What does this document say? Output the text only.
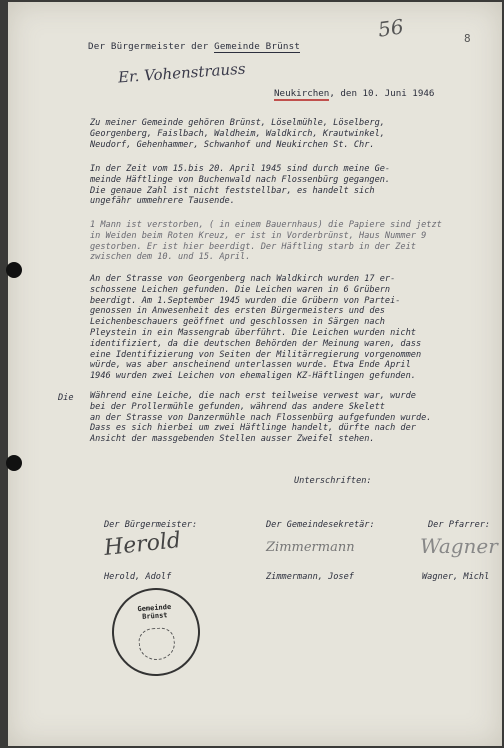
56	8
Der Bürgermeister der Gemeinde Brünst
Er. Vohenstrauss
Neukirchen, den 10. Juni 1946
Zu meiner Gemeinde gehören Brünst, Löselmühle, Löselberg,
Georgenberg, Faislbach, Waldheim, Waldkirch, Krautwinkel,
Neudorf, Gehenhammer, Schwanhof und Neukirchen St. Chr.
In der Zeit vom 15.bis 20. April 1945 sind durch meine Ge-
meinde Häftlinge von Buchenwald nach Flossenbürg gegangen.
Die genaue Zahl ist nicht feststellbar, es handelt sich
ungefähr ummehrere Tausende.
1 Mann ist verstorben, ( in einem Bauernhaus) die Papiere sind jetzt
in Weiden beim Roten Kreuz, er ist in Vorderbrünst, Haus Nummer 9
gestorben. Er ist hier beerdigt. Der Häftling starb in der Zeit
zwischen dem 10. und 15. April.
An der Strasse von Georgenberg nach Waldkirch wurden 17 er-
schossene Leichen gefunden. Die Leichen waren in 6 Grübern
beerdigt. Am 1.September 1945 wurden die Grübern von Partei-
genossen in Anwesenheit des ersten Bürgermeisters und des
Leichenbeschauers geöffnet und geschlossen in Särgen nach
Pleystein in ein Massengrab überführt. Die Leichen wurden nicht
identifiziert, da die deutschen Behörden der Meinung waren, dass
eine Identifizierung von Seiten der Militärregierung vorgenommen
würde, was aber anscheinend unterlassen wurde. Etwa Ende April
1946 wurden zwei Leichen von ehemaligen KZ-Häftlingen gefunden.
Die Während eine Leiche, die nach erst teilweise verwest war, wurde
bei der Prollermühle gefunden, während das andere Skelett
an der Strasse von Danzermühle nach Flossenbürg aufgefunden wurde.
Dass es sich hierbei um zwei Häftlinge handelt, dürfte nach der
Ansicht der massgebenden Stellen ausser Zweifel stehen.
Unterschriften:
Der Bürgermeister:	Der Gemeindesekretär:	Der Pfarrer:
Herold	Zimmermann	Wagner
Herold, Adolf	Zimmermann, Josef	Wagner, Michl
Gemeinde
Brünst
